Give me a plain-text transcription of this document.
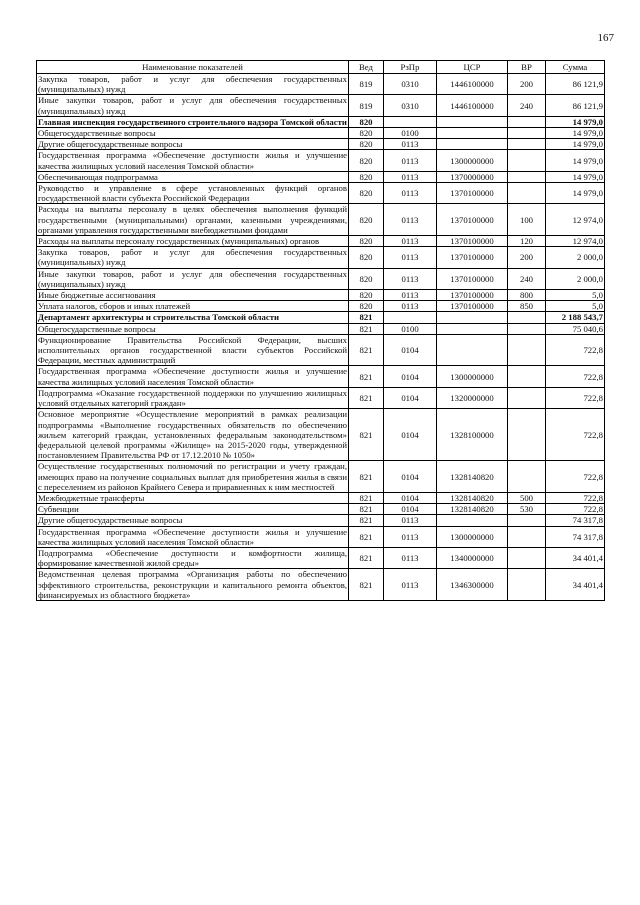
167
Наименование показателей	Вед	РзПр	ЦСР	ВР	Сумма
Закупка товаров, работ и услуг для обеспечения государственных (муниципальных) нужд	819	0310	1446100000	200	86 121,9
Иные закупки товаров, работ и услуг для обеспечения государственных (муниципальных) нужд	819	0310	1446100000	240	86 121,9
Главная инспекция государственного строительного надзора Томской области	820				14 979,0
Общегосударственные вопросы	820	0100			14 979,0
Другие общегосударственные вопросы	820	0113			14 979,0
Государственная программа «Обеспечение доступности жилья и улучшение качества жилищных условий населения Томской области»	820	0113	1300000000		14 979,0
Обеспечивающая подпрограмма	820	0113	1370000000		14 979,0
Руководство и управление в сфере установленных функций органов государственной власти субъекта Российской Федерации	820	0113	1370100000		14 979,0
Расходы на выплаты персоналу в целях обеспечения выполнения функций государственными (муниципальными) органами, казенными учреждениями, органами управления государственными внебюджетными фондами	820	0113	1370100000	100	12 974,0
Расходы на выплаты персоналу государственных (муниципальных) органов	820	0113	1370100000	120	12 974,0
Закупка товаров, работ и услуг для обеспечения государственных (муниципальных) нужд	820	0113	1370100000	200	2 000,0
Иные закупки товаров, работ и услуг для обеспечения государственных (муниципальных) нужд	820	0113	1370100000	240	2 000,0
Иные бюджетные ассигнования	820	0113	1370100000	800	5,0
Уплата налогов, сборов и иных платежей	820	0113	1370100000	850	5,0
Департамент архитектуры и строительства Томской области	821				2 188 543,7
Общегосударственные вопросы	821	0100			75 040,6
Функционирование Правительства Российской Федерации, высших исполнительных органов государственной власти субъектов Российской Федерации, местных администраций	821	0104			722,8
Государственная программа «Обеспечение доступности жилья и улучшение качества жилищных условий населения Томской области»	821	0104	1300000000		722,8
Подпрограмма «Оказание государственной поддержки по улучшению жилищных условий отдельных категорий граждан»	821	0104	1320000000		722,8
Основное мероприятие «Осуществление мероприятий в рамках реализации подпрограммы «Выполнение государственных обязательств по обеспечению жильем категорий граждан, установленных федеральным законодательством» федеральной целевой программы «Жилище» на 2015-2020 годы, утвержденной постановлением Правительства РФ от 17.12.2010 № 1050»	821	0104	1328100000		722,8
Осуществление государственных полномочий по регистрации и учету граждан, имеющих право на получение социальных выплат для приобретения жилья в связи с переселением из районов Крайнего Севера и приравненных к ним местностей	821	0104	1328140820		722,8
Межбюджетные трансферты	821	0104	1328140820	500	722,8
Субвенции	821	0104	1328140820	530	722,8
Другие общегосударственные вопросы	821	0113			74 317,8
Государственная программа «Обеспечение доступности жилья и улучшение качества жилищных условий населения Томской области»	821	0113	1300000000		74 317,8
Подпрограмма «Обеспечение доступности и комфортности жилища, формирование качественной жилой среды»	821	0113	1340000000		34 401,4
Ведомственная целевая программа «Организация работы по обеспечению эффективного строительства, реконструкции и капитального ремонта объектов, финансируемых из областного бюджета»	821	0113	1346300000		34 401,4
